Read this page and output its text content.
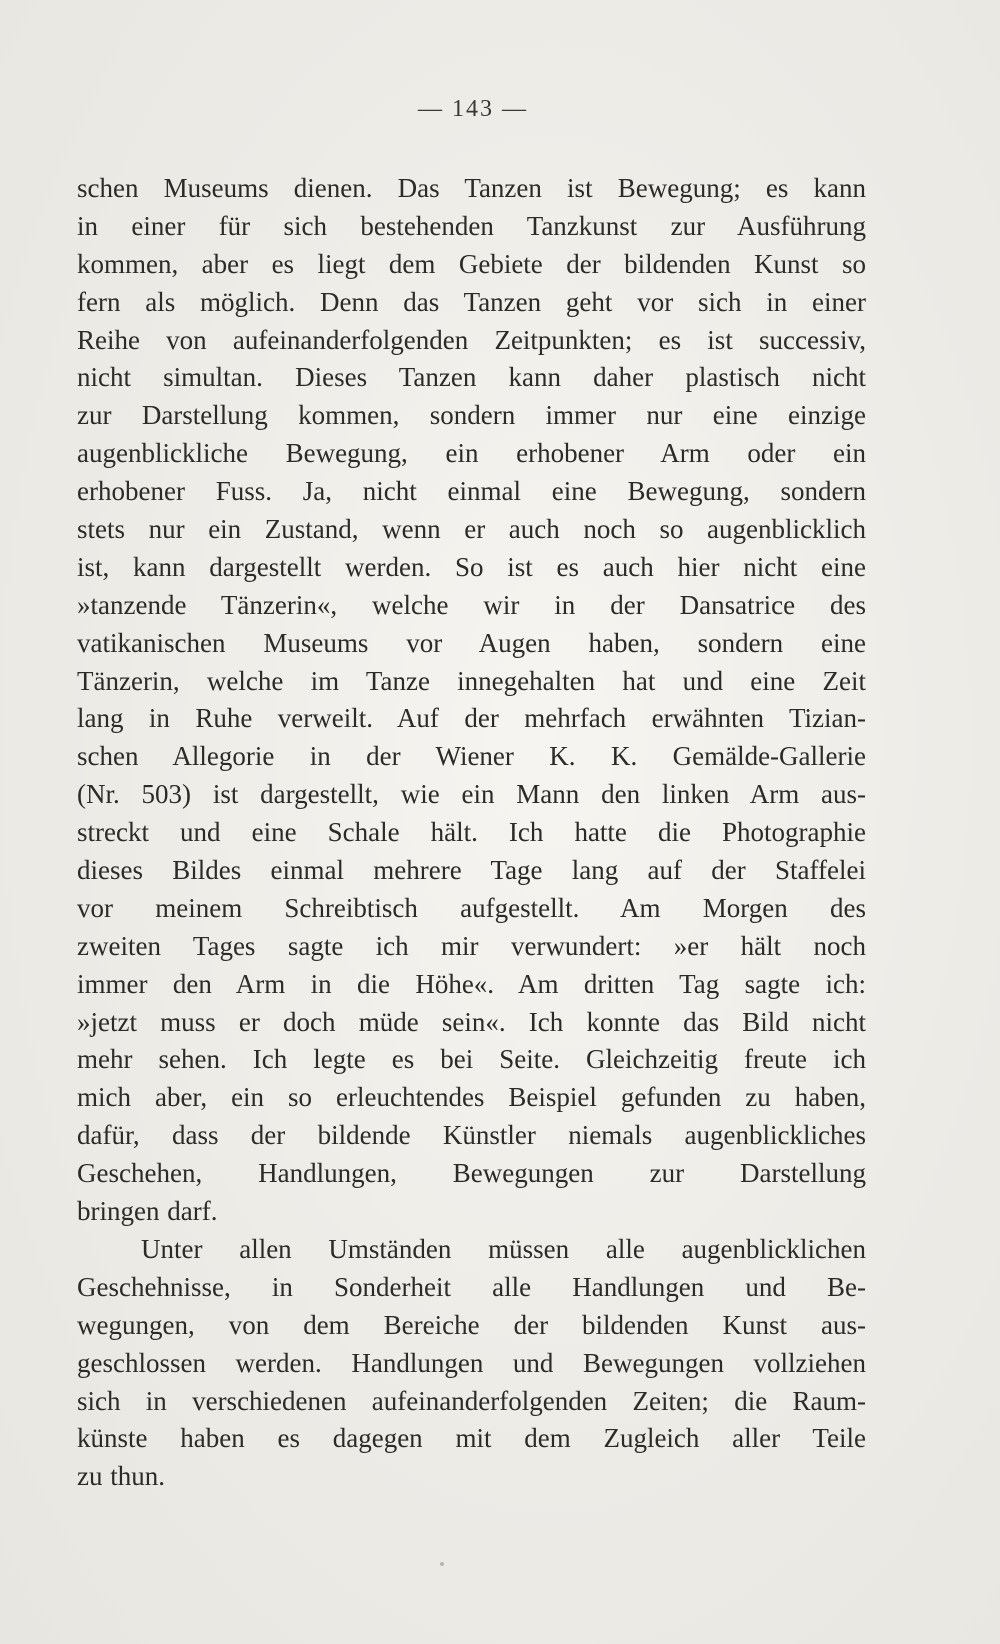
— 143 —
schen Museums dienen. Das Tanzen ist Bewegung; es kann
in einer für sich bestehenden Tanzkunst zur Ausführung
kommen, aber es liegt dem Gebiete der bildenden Kunst so
fern als möglich. Denn das Tanzen geht vor sich in einer
Reihe von aufeinanderfolgenden Zeitpunkten; es ist successiv,
nicht simultan. Dieses Tanzen kann daher plastisch nicht
zur Darstellung kommen, sondern immer nur eine einzige
augenblickliche Bewegung, ein erhobener Arm oder ein
erhobener Fuss. Ja, nicht einmal eine Bewegung, sondern
stets nur ein Zustand, wenn er auch noch so augenblicklich
ist, kann dargestellt werden. So ist es auch hier nicht eine
»tanzende Tänzerin«, welche wir in der Dansatrice des
vatikanischen Museums vor Augen haben, sondern eine
Tänzerin, welche im Tanze innegehalten hat und eine Zeit
lang in Ruhe verweilt. Auf der mehrfach erwähnten Tizian-
schen Allegorie in der Wiener K. K. Gemälde-Gallerie
(Nr. 503) ist dargestellt, wie ein Mann den linken Arm aus-
streckt und eine Schale hält. Ich hatte die Photographie
dieses Bildes einmal mehrere Tage lang auf der Staffelei
vor meinem Schreibtisch aufgestellt. Am Morgen des
zweiten Tages sagte ich mir verwundert: »er hält noch
immer den Arm in die Höhe«. Am dritten Tag sagte ich:
»jetzt muss er doch müde sein«. Ich konnte das Bild nicht
mehr sehen. Ich legte es bei Seite. Gleichzeitig freute ich
mich aber, ein so erleuchtendes Beispiel gefunden zu haben,
dafür, dass der bildende Künstler niemals augenblickliches
Geschehen, Handlungen, Bewegungen zur Darstellung
bringen darf.
Unter allen Umständen müssen alle augenblicklichen
Geschehnisse, in Sonderheit alle Handlungen und Be-
wegungen, von dem Bereiche der bildenden Kunst aus-
geschlossen werden. Handlungen und Bewegungen vollziehen
sich in verschiedenen aufeinanderfolgenden Zeiten; die Raum-
künste haben es dagegen mit dem Zugleich aller Teile
zu thun.
